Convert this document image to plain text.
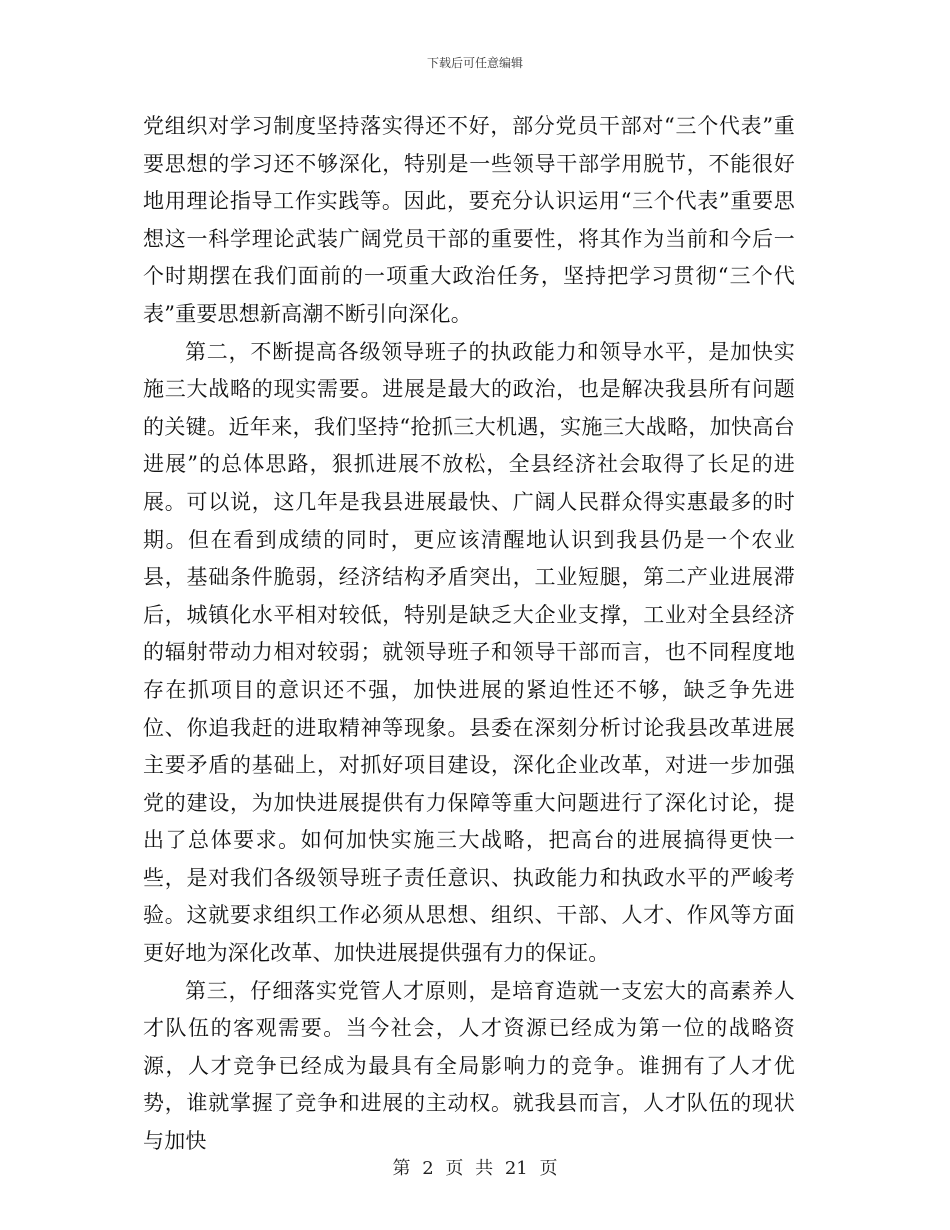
下载后可任意编辑

党组织对学习制度坚持落实得还不好，部分党员干部对“三个代表”重要思想的学习还不够深化，特别是一些领导干部学用脱节，不能很好地用理论指导工作实践等。因此，要充分认识运用“三个代表”重要思想这一科学理论武装广阔党员干部的重要性，将其作为当前和今后一个时期摆在我们面前的一项重大政治任务，坚持把学习贯彻“三个代表”重要思想新高潮不断引向深化。

第二，不断提高各级领导班子的执政能力和领导水平，是加快实施三大战略的现实需要。进展是最大的政治，也是解决我县所有问题的关键。近年来，我们坚持“抢抓三大机遇，实施三大战略，加快高台进展”的总体思路，狠抓进展不放松，全县经济社会取得了长足的进展。可以说，这几年是我县进展最快、广阔人民群众得实惠最多的时期。但在看到成绩的同时，更应该清醒地认识到我县仍是一个农业县，基础条件脆弱，经济结构矛盾突出，工业短腿，第二产业进展滞后，城镇化水平相对较低，特别是缺乏大企业支撑，工业对全县经济的辐射带动力相对较弱；就领导班子和领导干部而言，也不同程度地存在抓项目的意识还不强，加快进展的紧迫性还不够，缺乏争先进位、你追我赶的进取精神等现象。县委在深刻分析讨论我县改革进展主要矛盾的基础上，对抓好项目建设，深化企业改革，对进一步加强党的建设，为加快进展提供有力保障等重大问题进行了深化讨论，提出了总体要求。如何加快实施三大战略，把高台的进展搞得更快一些，是对我们各级领导班子责任意识、执政能力和执政水平的严峻考验。这就要求组织工作必须从思想、组织、干部、人才、作风等方面更好地为深化改革、加快进展提供强有力的保证。

第三，仔细落实党管人才原则，是培育造就一支宏大的高素养人才队伍的客观需要。当今社会，人才资源已经成为第一位的战略资源，人才竞争已经成为最具有全局影响力的竞争。谁拥有了人才优势，谁就掌握了竞争和进展的主动权。就我县而言，人才队伍的现状与加快

第 2 页 共 21 页
